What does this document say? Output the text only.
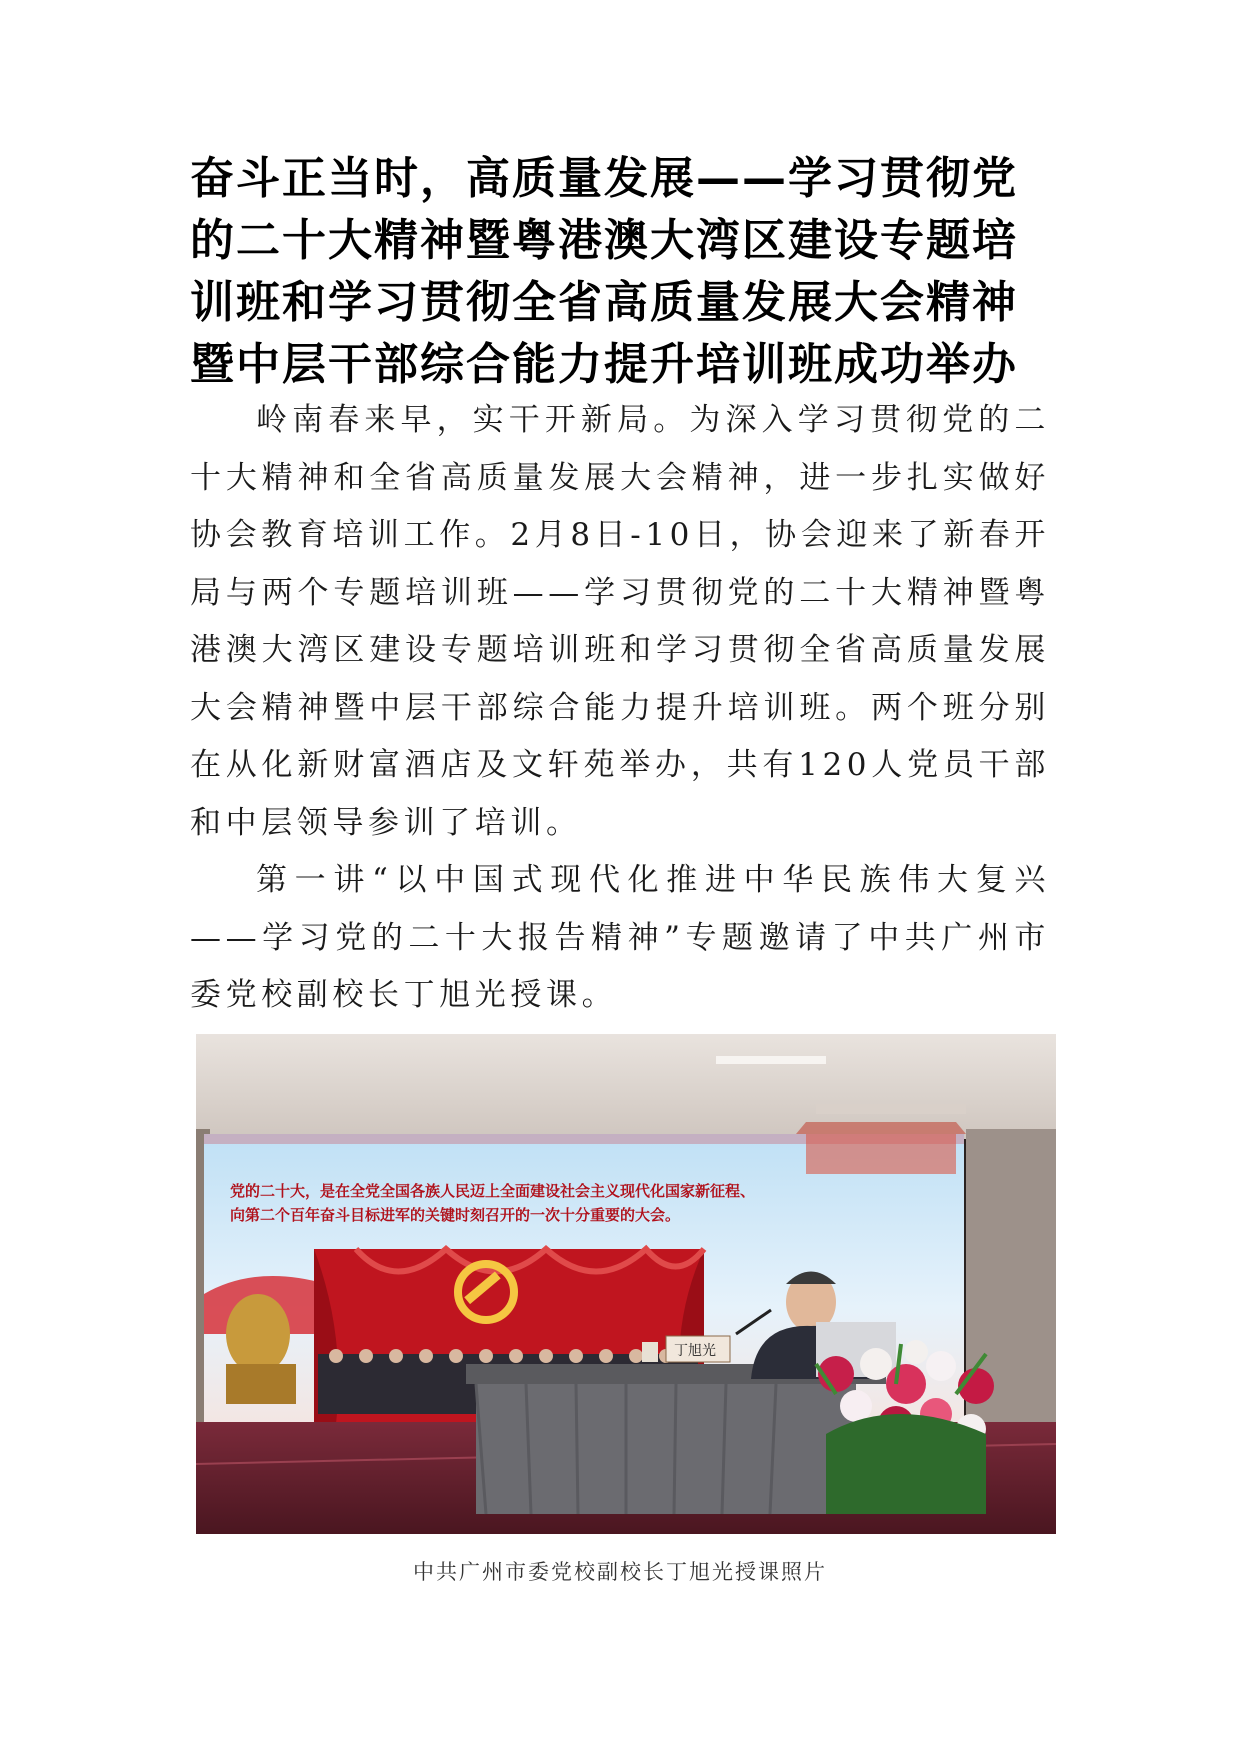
奋斗正当时，高质量发展——学习贯彻党的二十大精神暨粤港澳大湾区建设专题培训班和学习贯彻全省高质量发展大会精神暨中层干部综合能力提升培训班成功举办
岭南春来早，实干开新局。为深入学习贯彻党的二十大精神和全省高质量发展大会精神，进一步扎实做好协会教育培训工作。2月8日-10日，协会迎来了新春开局与两个专题培训班——学习贯彻党的二十大精神暨粤港澳大湾区建设专题培训班和学习贯彻全省高质量发展大会精神暨中层干部综合能力提升培训班。两个班分别在从化新财富酒店及文轩苑举办，共有120人党员干部和中层领导参训了培训。
第一讲“以中国式现代化推进中华民族伟大复兴——学习党的二十大报告精神”专题邀请了中共广州市委党校副校长丁旭光授课。
党的二十大，是在全党全国各族人民迈上全面建设社会主义现代化国家新征程、
向第二个百年奋斗目标进军的关键时刻召开的一次十分重要的大会。
丁旭光
中共广州市委党校副校长丁旭光授课照片
